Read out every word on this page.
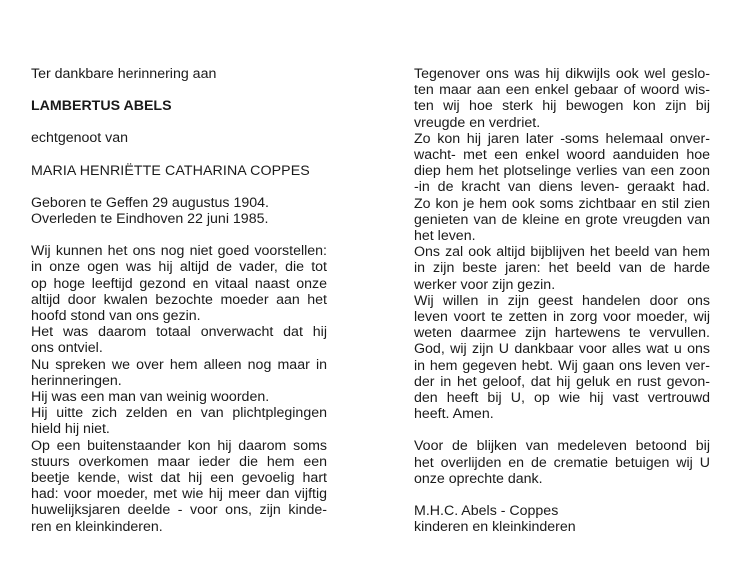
Ter dankbare herinnering aan
LAMBERTUS ABELS
echtgenoot van
MARIA HENRIËTTE CATHARINA COPPES
Geboren te Geffen 29 augustus 1904.
Overleden te Eindhoven 22 juni 1985.
Wij kunnen het ons nog niet goed voorstellen:
in onze ogen was hij altijd de vader, die tot
op hoge leeftijd gezond en vitaal naast onze
altijd door kwalen bezochte moeder aan het
hoofd stond van ons gezin.
Het was daarom totaal onverwacht dat hij
ons ontviel.
Nu spreken we over hem alleen nog maar in
herinneringen.
Hij was een man van weinig woorden.
Hij uitte zich zelden en van plichtplegingen
hield hij niet.
Op een buitenstaander kon hij daarom soms
stuurs overkomen maar ieder die hem een
beetje kende, wist dat hij een gevoelig hart
had: voor moeder, met wie hij meer dan vijftig
huwelijksjaren deelde - voor ons, zijn kinde-
ren en kleinkinderen.
Tegenover ons was hij dikwijls ook wel geslo-
ten maar aan een enkel gebaar of woord wis-
ten wij hoe sterk hij bewogen kon zijn bij
vreugde en verdriet.
Zo kon hij jaren later -soms helemaal onver-
wacht- met een enkel woord aanduiden hoe
diep hem het plotselinge verlies van een zoon
-in de kracht van diens leven- geraakt had.
Zo kon je hem ook soms zichtbaar en stil zien
genieten van de kleine en grote vreugden van
het leven.
Ons zal ook altijd bijblijven het beeld van hem
in zijn beste jaren: het beeld van de harde
werker voor zijn gezin.
Wij willen in zijn geest handelen door ons
leven voort te zetten in zorg voor moeder, wij
weten daarmee zijn hartewens te vervullen.
God, wij zijn U dankbaar voor alles wat u ons
in hem gegeven hebt. Wij gaan ons leven ver-
der in het geloof, dat hij geluk en rust gevon-
den heeft bij U, op wie hij vast vertrouwd
heeft. Amen.
Voor de blijken van medeleven betoond bij
het overlijden en de crematie betuigen wij U
onze oprechte dank.
M.H.C. Abels - Coppes
kinderen en kleinkinderen
